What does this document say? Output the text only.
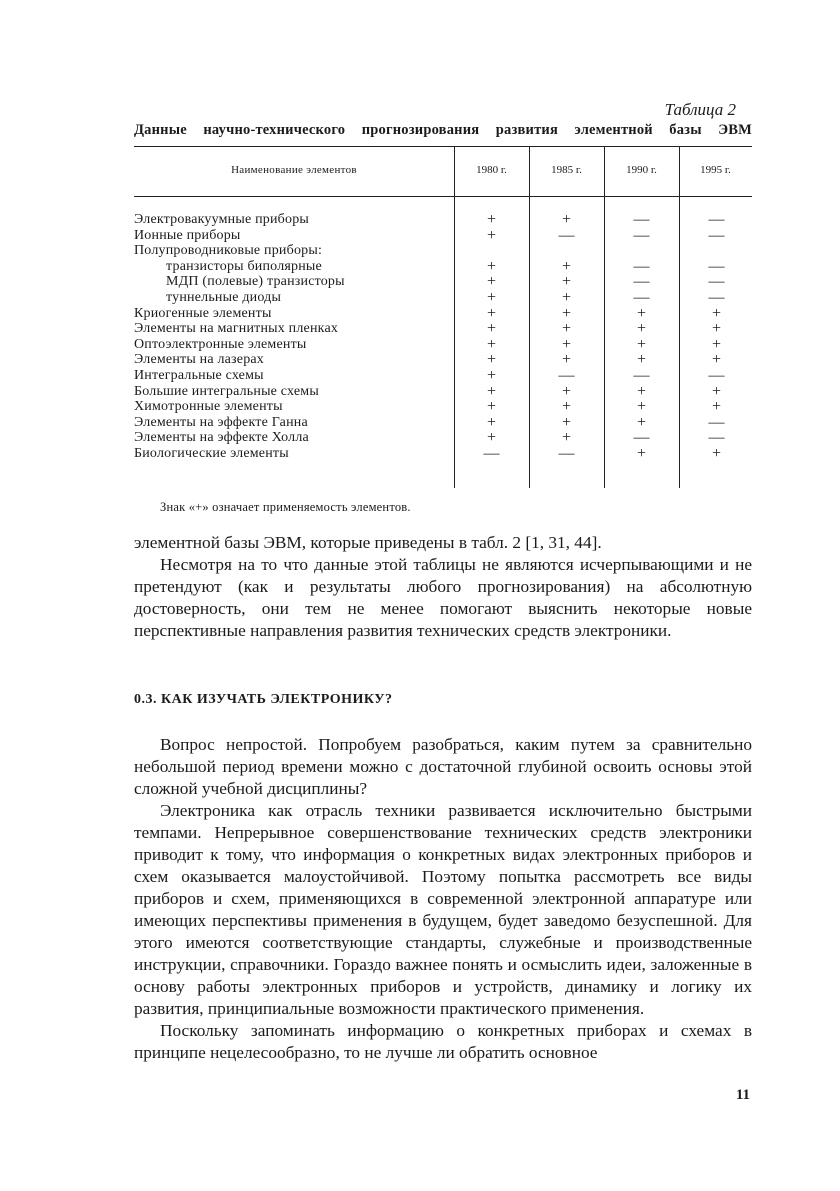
Таблица 2
Данные научно-технического прогнозирования развития элементной базы ЭВМ
Наименование элементов	1980 г.	1985 г.	1990 г.	1995 г.
Электровакуумные приборы	+	+	—	—
Ионные приборы	+	—	—	—
Полупроводниковые приборы:
транзисторы биполярные	+	+	—	—
МДП (полевые) транзисторы	+	+	—	—
туннельные диоды	+	+	—	—
Криогенные элементы	+	+	+	+
Элементы на магнитных пленках	+	+	+	+
Оптоэлектронные элементы	+	+	+	+
Элементы на лазерах	+	+	+	+
Интегральные схемы	+	—	—	—
Большие интегральные схемы	+	+	+	+
Химотронные элементы	+	+	+	+
Элементы на эффекте Ганна	+	+	+	—
Элементы на эффекте Холла	+	+	—	—
Биологические элементы	—	—	+	+
Знак «+» означает применяемость элементов.

элементной базы ЭВМ, которые приведены в табл. 2 [1, 31, 44].

Несмотря на то что данные этой таблицы не являются исчерпывающими и не претендуют (как и результаты любого прогнозирования) на абсолютную достоверность, они тем не менее помогают выяснить некоторые новые перспективные направления развития технических средств электроники.

0.3. КАК ИЗУЧАТЬ ЭЛЕКТРОНИКУ?

Вопрос непростой. Попробуем разобраться, каким путем за сравнительно небольшой период времени можно с достаточной глубиной освоить основы этой сложной учебной дисциплины?

Электроника как отрасль техники развивается исключительно быстрыми темпами. Непрерывное совершенствование технических средств электроники приводит к тому, что информация о конкретных видах электронных приборов и схем оказывается малоустойчивой. Поэтому попытка рассмотреть все виды приборов и схем, применяющихся в современной электронной аппаратуре или имеющих перспективы применения в будущем, будет заведомо безуспешной. Для этого имеются соответствующие стандарты, служебные и производственные инструкции, справочники. Гораздо важнее понять и осмыслить идеи, заложенные в основу работы электронных приборов и устройств, динамику и логику их развития, принципиальные возможности практического применения.

Поскольку запоминать информацию о конкретных приборах и схемах в принципе нецелесообразно, то не лучше ли обратить основное

11
